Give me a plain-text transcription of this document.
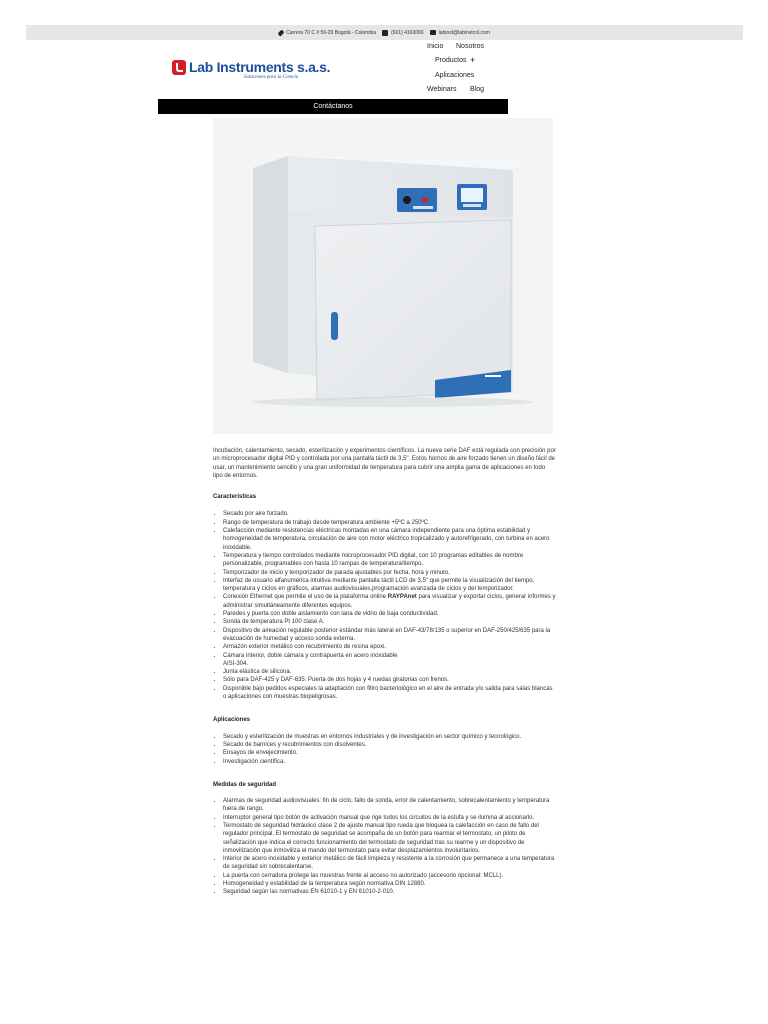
Carrera 70 C # 56-29 Bogotá - Colombia	(601) 4163066	labinst@labinstcol.com
Lab Instruments s.a.s.
Soluciones para la Ciencia
Inicio Nosotros
Productos +
Aplicaciones
Webinars Blog
Contáctanos

Incubación, calentamiento, secado, esterilización y experimentos científicos. La nueva serie DAF está regulada con precisión por un microprocesador digital PID y controlada por una pantalla táctil de 3,5". Estos hornos de aire forzado tienen un diseño fácil de usar, un mantenimiento sencillo y una gran uniformidad de temperatura para cubrir una amplia gama de aplicaciones en todo tipo de entornos.

Características
• Secado por aire forzado.
• Rango de temperatura de trabajo desde temperatura ambiente +5ºC a 250ºC.
• Calefacción mediante resistencias eléctricas montadas en una cámara independiente para una óptima estabilidad y homogeneidad de temperatura, circulación de aire con motor eléctrico tropicalizado y autorefrigerado, con turbina en acero inoxidable.
• Temperatura y tiempo controlados mediante microprocesador PID digital, con 10 programas editables de nombre personalizable, programables con hasta 10 rampas de temperatura/tiempo.
• Temporizador de inicio y temporizador de parada ajustables por fecha, hora y minuto.
• Interfaz de usuario alfanumérica intuitiva mediante pantalla táctil LCD de 3,5" que permite la visualización del tiempo, temperatura y ciclos en gráficos, alarmas audiovisuales,programación avanzada de ciclos y del temporizador.
• Conexión Ethernet que permite el uso de la plataforma online RAYPAnet para visualizar y exportar ciclos, generar informes y administrar simultáneamente diferentes equipos.
• Paredes y puerta con doble aislamiento con lana de vidrio de baja conductividad.
• Sonda de temperatura Pt 100 clase A.
• Dispositivo de aireación regulable posterior estándar más lateral en DAF-43/78/135 o superior en DAF-250/425/635 para la evacuación de humedad y acceso sonda externa.
• Armazón exterior metálico con recubrimiento de resina epoxi.
• Cámara interior, doble cámara y contrapuerta en acero inoxidable
AISI-304.
• Junta elástica de silicona.
• Sólo para DAF-425 y DAF-635: Puerta de dos hojas y 4 ruedas giratorias con frenos.
• Disponible bajo pedidos especiales la adaptación con filtro bacteriológico en el aire de entrada y/o salida para salas blancas o aplicaciones con muestras biopeligrosas.
Aplicaciones
• Secado y esterilización de muestras en entornos industriales y de investigación en sector químico y tecnológico.
• Secado de barnices y recubrimientos con disolventes.
• Ensayos de envejecimiento.
• Investigación científica.
Medidas de seguridad
• Alarmas de seguridad audiovisuales: fin de ciclo, fallo de sonda, error de calentamiento, sobrecalentamiento y temperatura fuera de rango.
• Interruptor general tipo botón de activación manual que rige todos los circuitos de la estufa y se ilumina al accionarlo.
• Termostato de seguridad hidráulico clase 2 de ajuste manual tipo rueda que bloquea la calefacción en caso de fallo del regulador principal. El termostato de seguridad se acompaña de un botón para rearmar el termostato, un piloto de señalización que indica el correcto funcionamiento del termostato de seguridad tras su rearme y un dispositivo de inmovilización que inmoviliza el mando del termostato para evitar desplazamientos involuntarios.
• Interior de acero inoxidable y exterior metálico de fácil limpieza y resistente a la corrosión que permanece a una temperatura de seguridad sin sobrecalentarse.
• La puerta con cerradura protege las muestras frente al acceso no autorizado (accesorio opcional: MCLL).
• Homogeneidad y estabilidad de la temperatura según normativa DIN 12880.
• Seguridad según las normativas EN 61010-1 y EN 61010-2-010.
